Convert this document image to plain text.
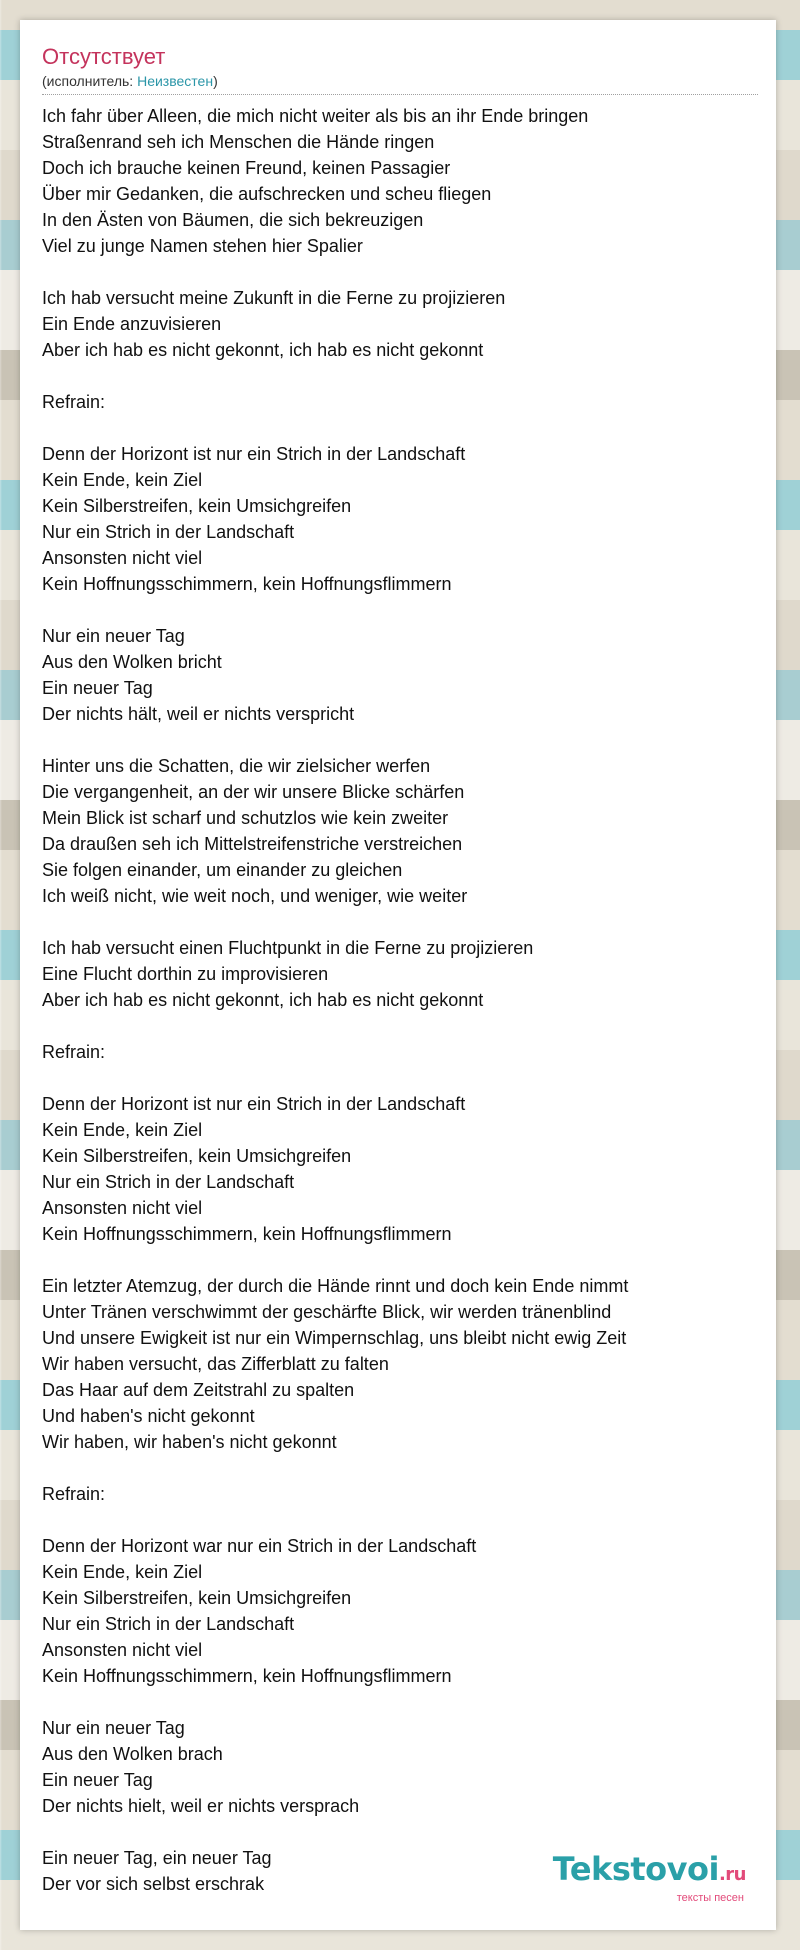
Отсутствует
(исполнитель: Неизвестен)
Ich fahr über Alleen, die mich nicht weiter als bis an ihr Ende bringen
Straßenrand seh ich Menschen die Hände ringen
Doch ich brauche keinen Freund, keinen Passagier
Über mir Gedanken, die aufschrecken und scheu fliegen
In den Ästen von Bäumen, die sich bekreuzigen
Viel zu junge Namen stehen hier Spalier
Ich hab versucht meine Zukunft in die Ferne zu projizieren
Ein Ende anzuvisieren
Aber ich hab es nicht gekonnt, ich hab es nicht gekonnt
Refrain:
Denn der Horizont ist nur ein Strich in der Landschaft
Kein Ende, kein Ziel
Kein Silberstreifen, kein Umsichgreifen
Nur ein Strich in der Landschaft
Ansonsten nicht viel
Kein Hoffnungsschimmern, kein Hoffnungsflimmern
Nur ein neuer Tag
Aus den Wolken bricht
Ein neuer Tag
Der nichts hält, weil er nichts verspricht
Hinter uns die Schatten, die wir zielsicher werfen
Die vergangenheit, an der wir unsere Blicke schärfen
Mein Blick ist scharf und schutzlos wie kein zweiter
Da draußen seh ich Mittelstreifenstriche verstreichen
Sie folgen einander, um einander zu gleichen
Ich weiß nicht, wie weit noch, und weniger, wie weiter
Ich hab versucht einen Fluchtpunkt in die Ferne zu projizieren
Eine Flucht dorthin zu improvisieren
Aber ich hab es nicht gekonnt, ich hab es nicht gekonnt
Refrain:
Denn der Horizont ist nur ein Strich in der Landschaft
Kein Ende, kein Ziel
Kein Silberstreifen, kein Umsichgreifen
Nur ein Strich in der Landschaft
Ansonsten nicht viel
Kein Hoffnungsschimmern, kein Hoffnungsflimmern
Ein letzter Atemzug, der durch die Hände rinnt und doch kein Ende nimmt
Unter Tränen verschwimmt der geschärfte Blick, wir werden tränenblind
Und unsere Ewigkeit ist nur ein Wimpernschlag, uns bleibt nicht ewig Zeit
Wir haben versucht, das Zifferblatt zu falten
Das Haar auf dem Zeitstrahl zu spalten
Und haben's nicht gekonnt
Wir haben, wir haben's nicht gekonnt
Refrain:
Denn der Horizont war nur ein Strich in der Landschaft
Kein Ende, kein Ziel
Kein Silberstreifen, kein Umsichgreifen
Nur ein Strich in der Landschaft
Ansonsten nicht viel
Kein Hoffnungsschimmern, kein Hoffnungsflimmern
Nur ein neuer Tag
Aus den Wolken brach
Ein neuer Tag
Der nichts hielt, weil er nichts versprach
Ein neuer Tag, ein neuer Tag
Der vor sich selbst erschrak	Tekstovoi.ru
тексты песен
